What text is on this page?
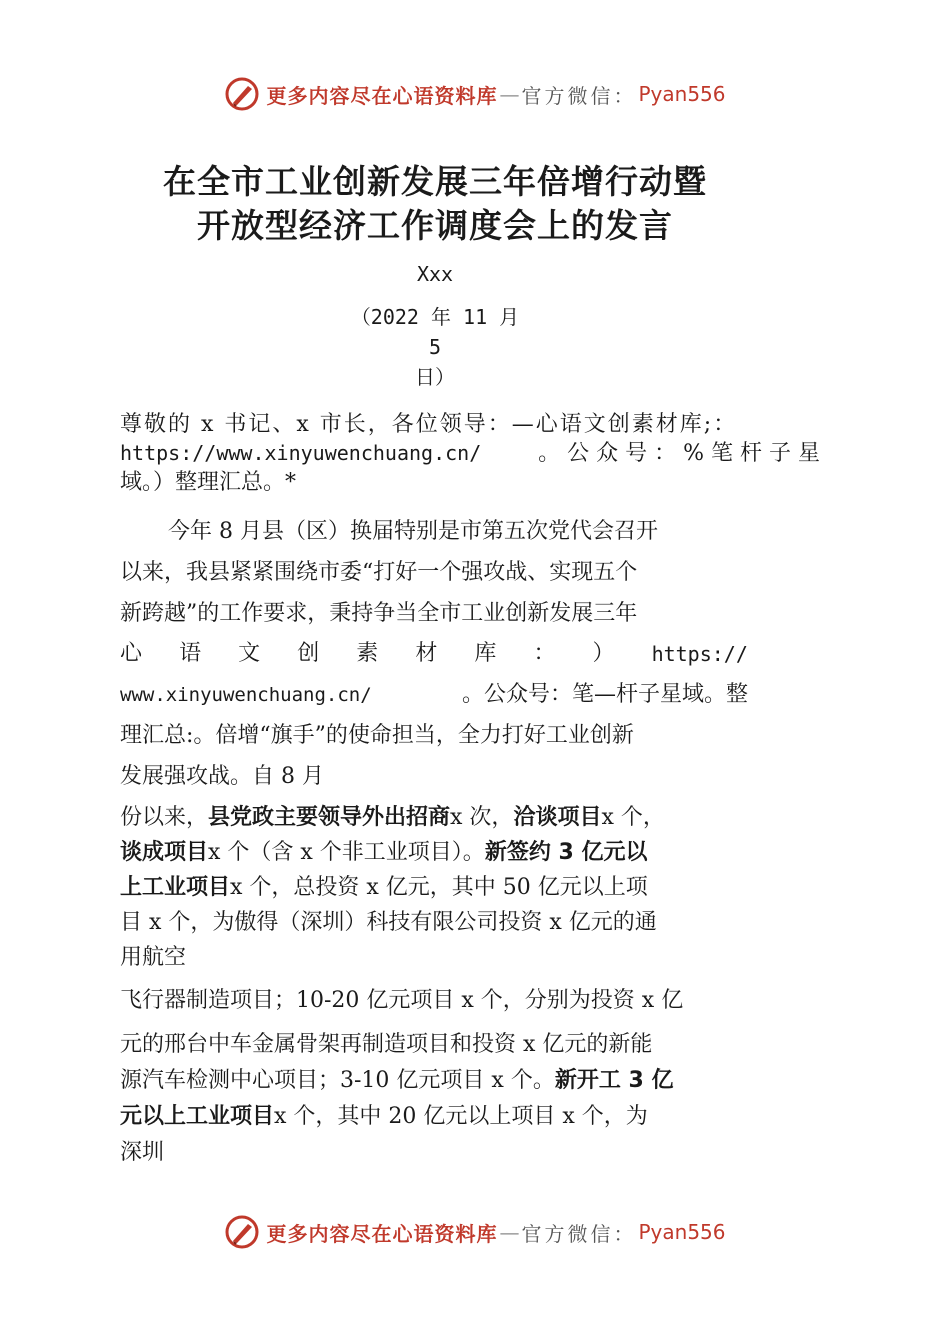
更多内容尽在心语资料库 — 官方微信： Pyan556
在全市工业创新发展三年倍增行动暨
开放型经济工作调度会上的发言
Xxx
（2022 年 11 月 5
日）
尊敬的 x 书记、x 市长，各位领导：—心语文创素材库;：
https://www.xinyuwenchuang.cn/	。 公 众 号 ： % 笔 杆 子 星
域。）整理汇总。*
今年 8 月县（区）换届特别是市第五次党代会召开
以来，我县紧紧围绕市委“打好一个强攻战、实现五个
新跨越”的工作要求，秉持争当全市工业创新发展三年
心 语 文 创 素 材 库 ： ） https://
www.xinyuwenchuang.cn/	。公众号：笔—杆子星域。整
理汇总:。倍增“旗手”的使命担当，全力打好工业创新
发展强攻战。自 8 月
份以来， 县党政主要领导外出招商 x 次， 洽谈项目 x 个，
谈成项目 x 个（含 x 个非工业项目）。 新签约 3 亿元以
上工业项目 x 个，总投资 x 亿元，其中 50 亿元以上项
目 x 个，为傲得（深圳）科技有限公司投资 x 亿元的通
用航空
飞行器制造项目；10-20 亿元项目 x 个，分别为投资 x 亿
元的邢台中车金属骨架再制造项目和投资 x 亿元的新能
源汽车检测中心项目；3-10 亿元项目 x 个。 新开工 3 亿
元以上工业项目 x 个，其中 20 亿元以上项目 x 个，为
深圳
更多内容尽在心语资料库 — 官方微信： Pyan556
